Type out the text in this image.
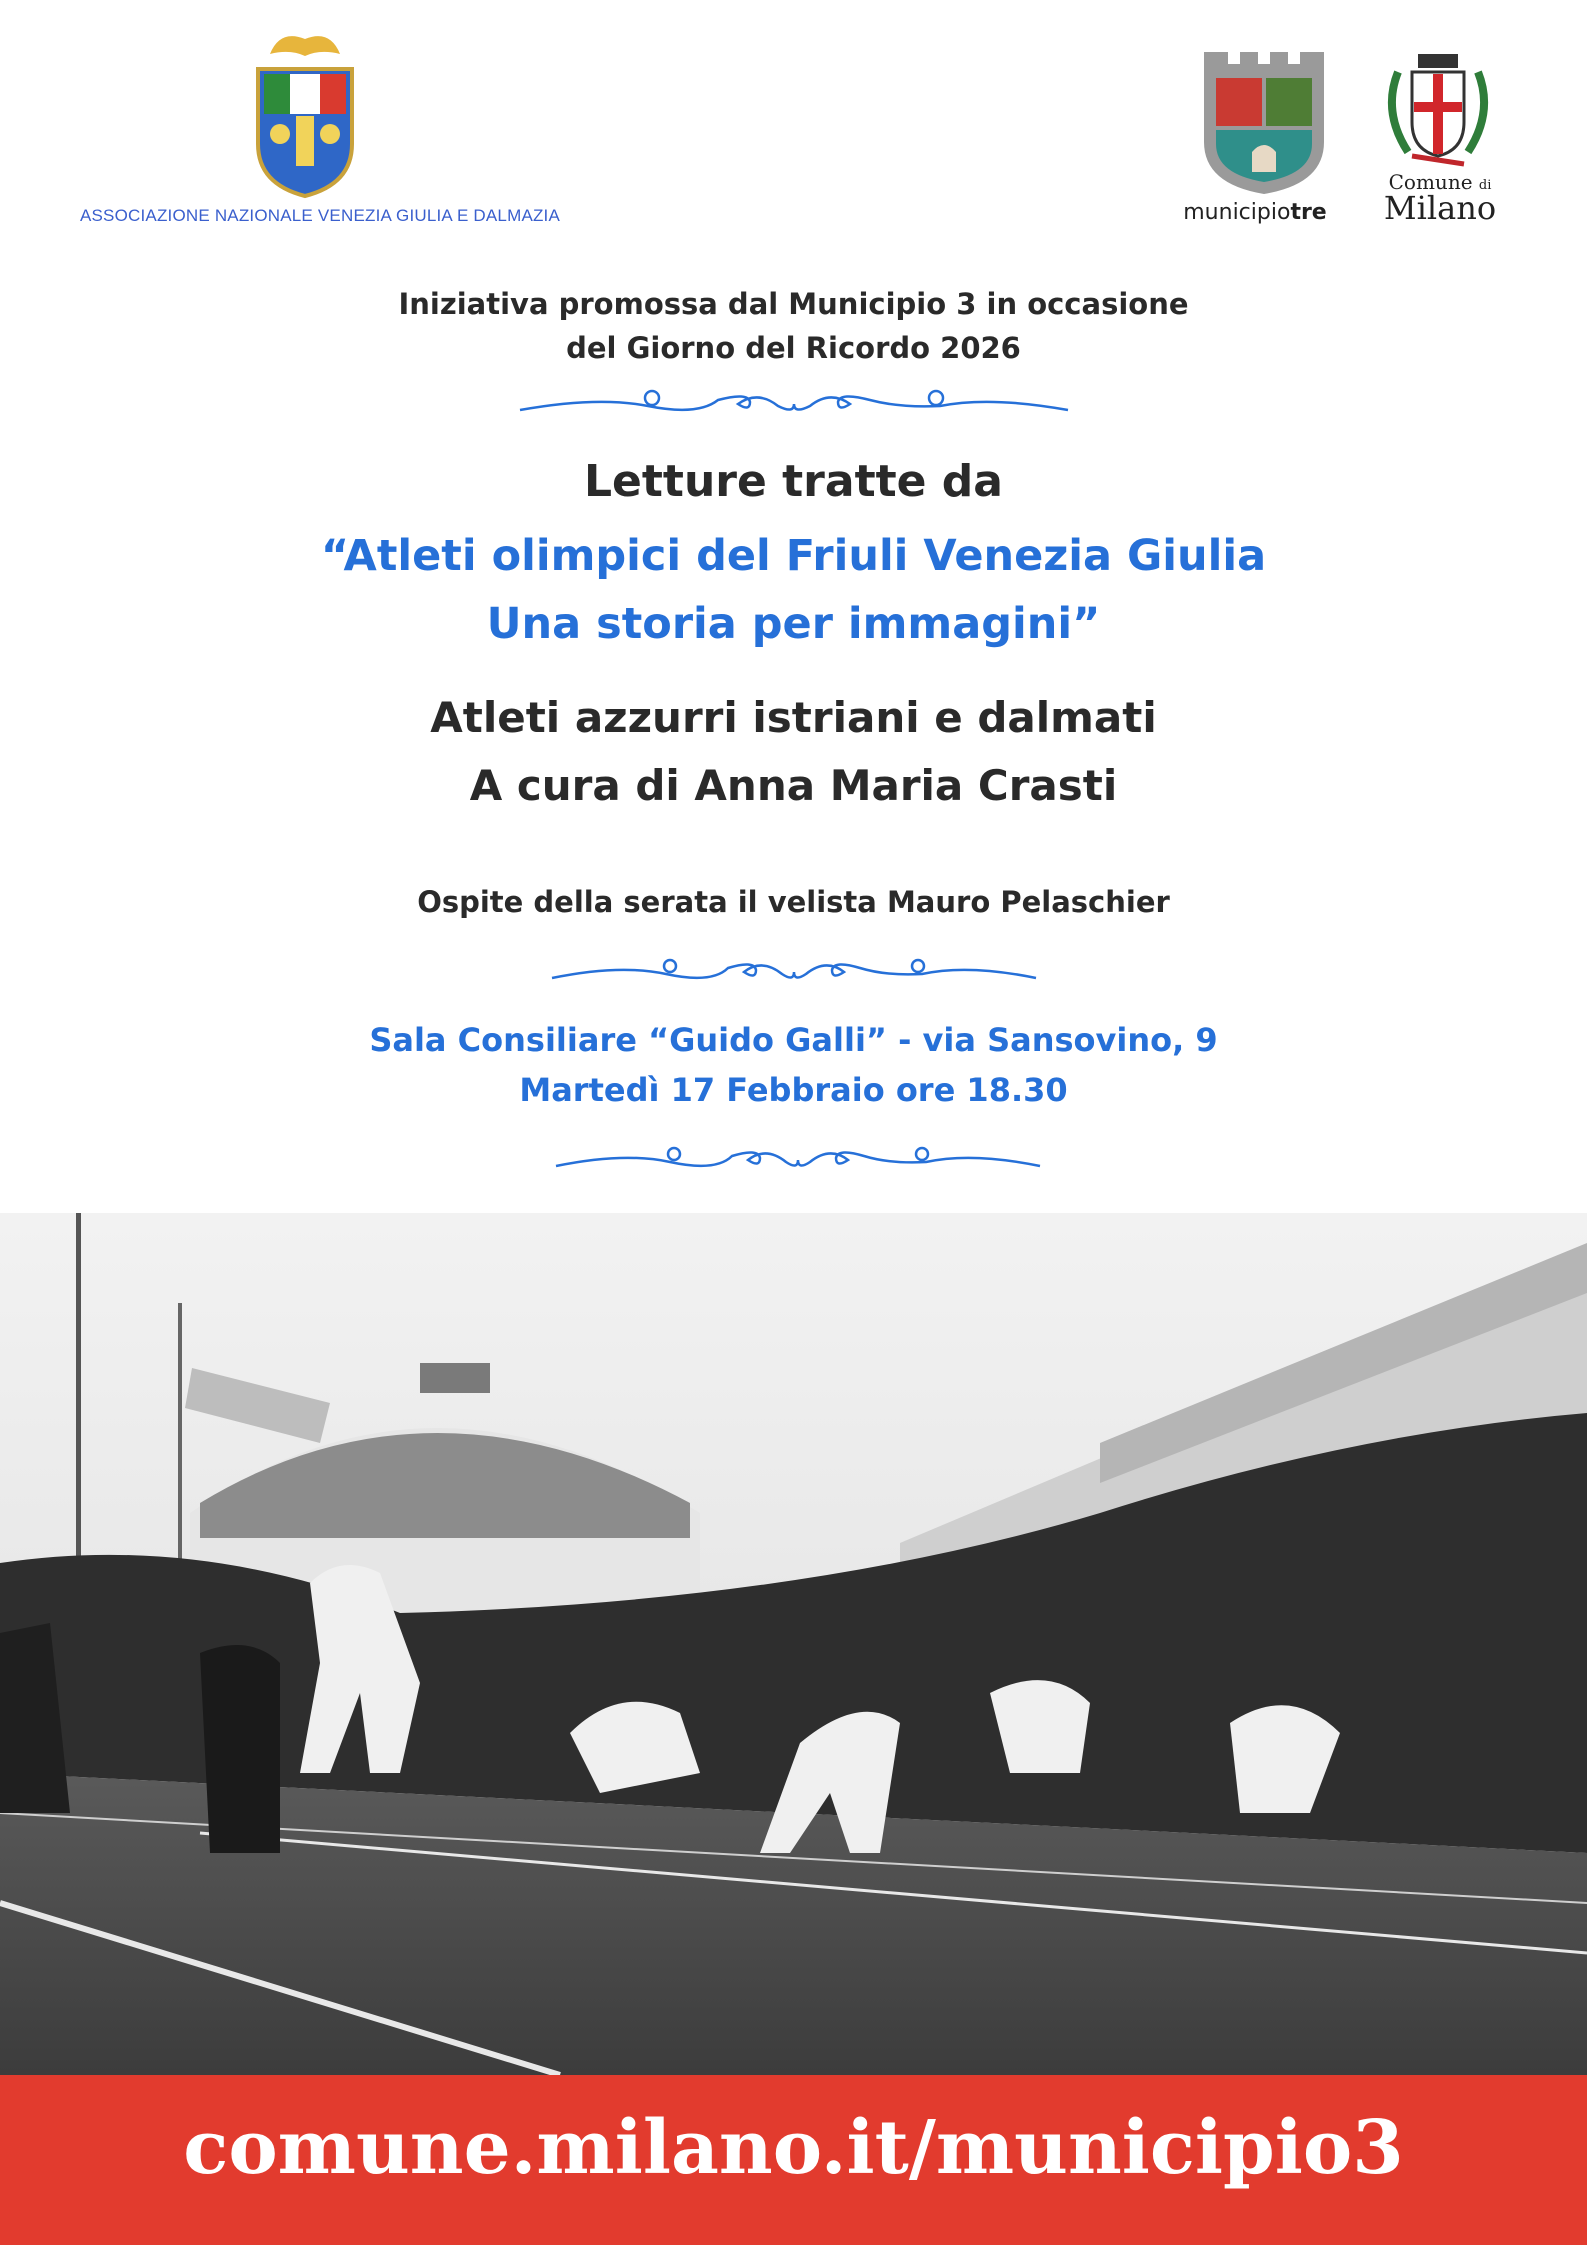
ASSOCIAZIONE NAZIONALE VENEZIA GIULIA E DALMAZIA	municipiotre
Comune di
Milano
Iniziativa promossa dal Municipio 3 in occasione
del Giorno del Ricordo 2026
Letture tratte da
“Atleti olimpici del Friuli Venezia Giulia
Una storia per immagini”
Atleti azzurri istriani e dalmati
A cura di Anna Maria Crasti
Ospite della serata il velista Mauro Pelaschier
Sala Consiliare “Guido Galli” - via Sansovino, 9
Martedì 17 Febbraio ore 18.30
comune.milano.it/municipio3
